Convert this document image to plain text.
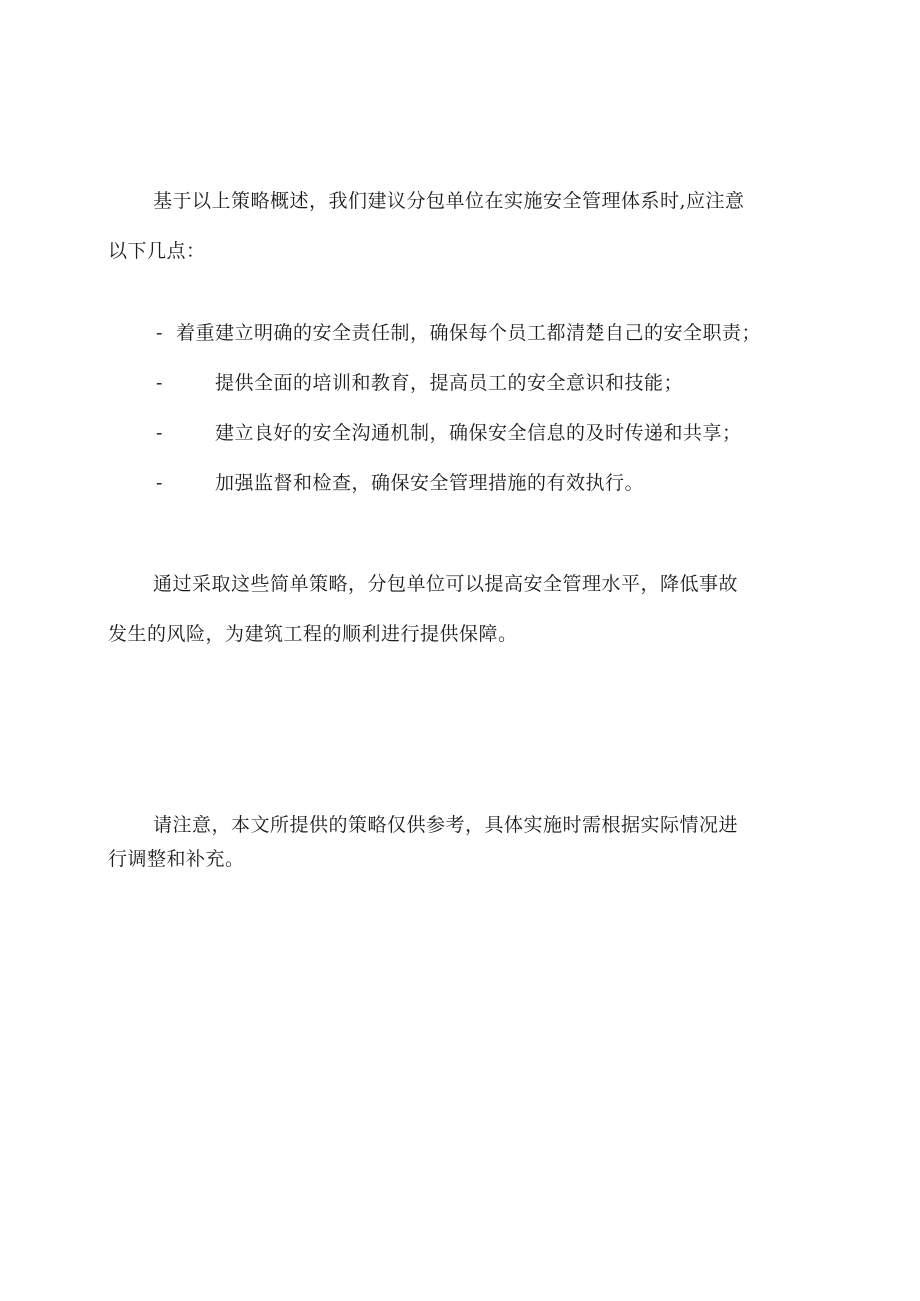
基于以上策略概述，我们建议分包单位在实施安全管理体系时,应注意
以下几点：

- 着重建立明确的安全责任制，确保每个员工都清楚自己的安全职责；
-	提供全面的培训和教育，提高员工的安全意识和技能；
-	建立良好的安全沟通机制，确保安全信息的及时传递和共享；
-	加强监督和检查，确保安全管理措施的有效执行。

通过采取这些简单策略，分包单位可以提高安全管理水平，降低事故
发生的风险，为建筑工程的顺利进行提供保障。

请注意，本文所提供的策略仅供参考，具体实施时需根据实际情况进
行调整和补充。
